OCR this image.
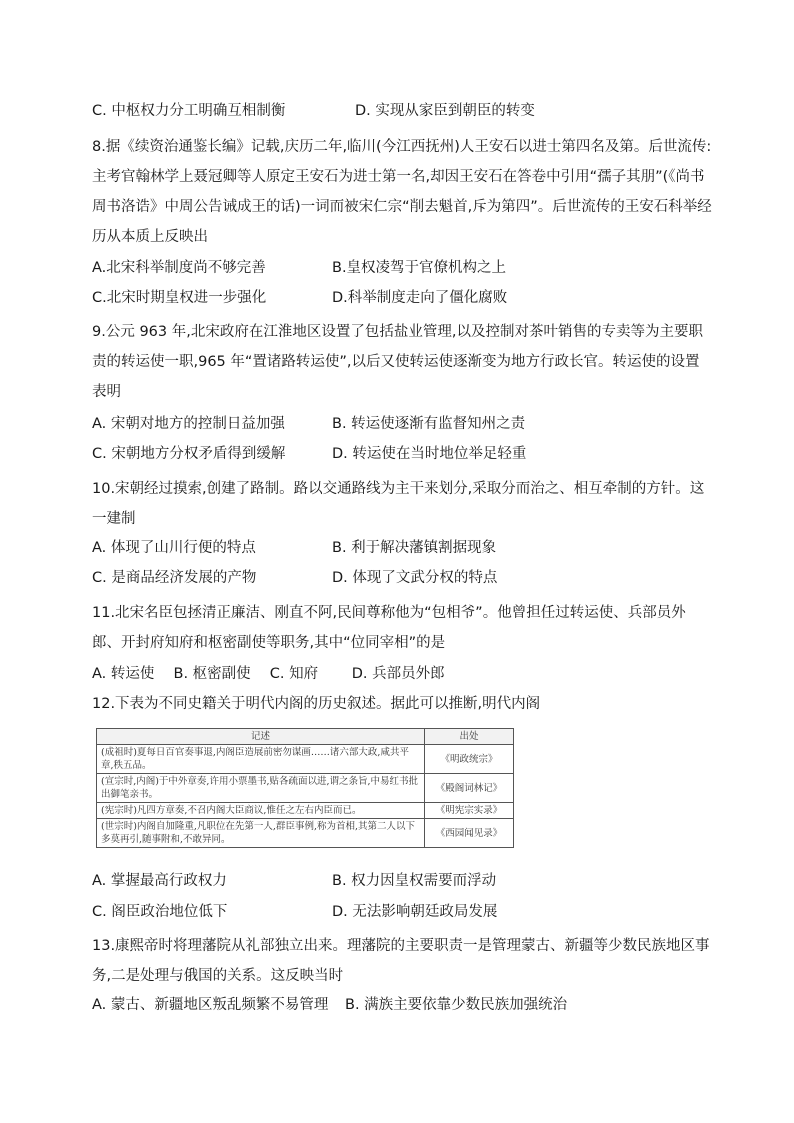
C. 中枢权力分工明确互相制衡	D. 实现从家臣到朝臣的转变
8.据《续资治通鉴长编》记载,庆历二年,临川(今江西抚州)人王安石以进士第四名及第。后世流传:主考官翰林学上聂冠卿等人原定王安石为进士第一名,却因王安石在答卷中引用“孺子其朋”(《尚书周书洛诰》中周公告诫成王的话)一词而被宋仁宗“削去魁首,斥为第四”。后世流传的王安石科举经历从本质上反映出
A.北宋科举制度尚不够完善	B.皇权凌驾于官僚机构之上
C.北宋时期皇权进一步强化	D.科举制度走向了僵化腐败
9.公元 963 年,北宋政府在江淮地区设置了包括盐业管理,以及控制对茶叶销售的专卖等为主要职责的转运使一职,965 年“置诸路转运使”,以后又使转运使逐渐变为地方行政长官。转运使的设置表明
A. 宋朝对地方的控制日益加强	B. 转运使逐渐有监督知州之责
C. 宋朝地方分权矛盾得到缓解	D. 转运使在当时地位举足轻重
10.宋朝经过摸索,创建了路制。路以交通路线为主干来划分,采取分而治之、相互牵制的方针。这一建制
A. 体现了山川行便的特点	B. 利于解决藩镇割据现象
C. 是商品经济发展的产物	D. 体现了文武分权的特点
11.北宋名臣包拯清正廉洁、刚直不阿,民间尊称他为“包相爷”。他曾担任过转运使、兵部员外郎、开封府知府和枢密副使等职务,其中“位同宰相”的是
A. 转运使　 B. 枢密副使　 C. 知府　　 D. 兵部员外郎
12.下表为不同史籍关于明代内阁的历史叙述。据此可以推断,明代内阁
记述	出处
(成祖时)夏每日百官奏事退,内阁臣造展前密勿谋画……诸六部大政,咸共平章,秩五品。	《明政统宗》
(宣宗时,内阁)于中外章奏,许用小票墨书,贴各疏面以进,谓之条旨,中易红书批出御笔亲书。	《殿阁词林记》
(宪宗时)凡四方章奏,不召内阁大臣商议,惟任之左右内臣而已。	《明宪宗实录》
(世宗时)内阁自加隆重,凡职位在先第一人,群臣事例,称为首相,其第二人以下多莫再引,随事附和,不敢异同。	《西园闻见录》
A. 掌握最高行政权力	B. 权力因皇权需要而浮动
C. 阁臣政治地位低下	D. 无法影响朝廷政局发展
13.康熙帝时将理藩院从礼部独立出来。理藩院的主要职责一是管理蒙古、新疆等少数民族地区事务,二是处理与俄国的关系。这反映当时
A. 蒙古、新疆地区叛乱频繁不易管理 B. 满族主要依靠少数民族加强统治
